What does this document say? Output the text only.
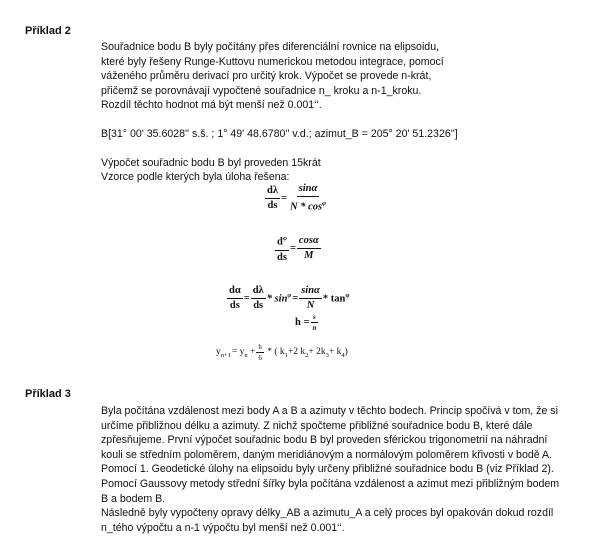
Příklad 2
Souřadnice bodu B byly počítány přes diferenciální rovnice na elipsoidu,
které byly řešeny Runge-Kuttovu numerickou metodou integrace, pomocí
váženého průměru derivací pro určitý krok. Výpočet se provede n-krát,
přičemž se porovnávají vypočtené souřadnice n_ kroku a n-1_kroku.
Rozdíl těchto hodnot má být menší než 0.001‘‘.
B[31° 00' 35.6028'' s.š. ; 1° 49' 48.6780'' v.d.; azimut_B = 205° 20' 51.2326'']
Výpočet souřadnic bodu B byl proveden 15krát
Vzorce podle kterých byla úloha řešena:
$\frac{d\lambda}{ds} = \frac{\sin\alpha}{N * \cos^\varphi}$
$\frac{d^\varphi}{ds} = \frac{\cos\alpha}{M}$
$\frac{d\alpha}{ds} = \frac{d\lambda}{ds} * \sin^\varphi = \frac{\sin\alpha}{N} * \tan^\varphi$
$h = \frac{s}{n}$
$y_{n+1} = y_n + \frac{h}{6}$ * ( $k_1+2$ $k_2+ 2k_3+ k_4$)
Příklad 3
Byla počítána vzdálenost mezi body A a B a azimuty v těchto bodech. Princip spočívá v tom, že si
určíme přibližnou délku a azimuty. Z nichž spočteme přibližné souřadnice bodu B, které dále
zpřesňujeme. První výpočet souřadnic bodu B byl proveden sférickou trigonometrií na náhradní
kouli se středním poloměrem, daným meridiánovým a normálovým poloměrem křivosti v bodě A.
Pomocí 1. Geodetické úlohy na elipsoidu byly určeny přibližné souřadnice bodu B (viz Příklad 2).
Pomocí Gaussovy metody střední šířky byla počítána vzdálenost a azimut mezi přibližným bodem
B a bodem B.
Následně byly vypočteny opravy délky_AB a azimutu_A a celý proces byl opakován dokud rozdíl
n_tého výpočtu a n-1 výpočtu byl menší než 0.001‘‘.
